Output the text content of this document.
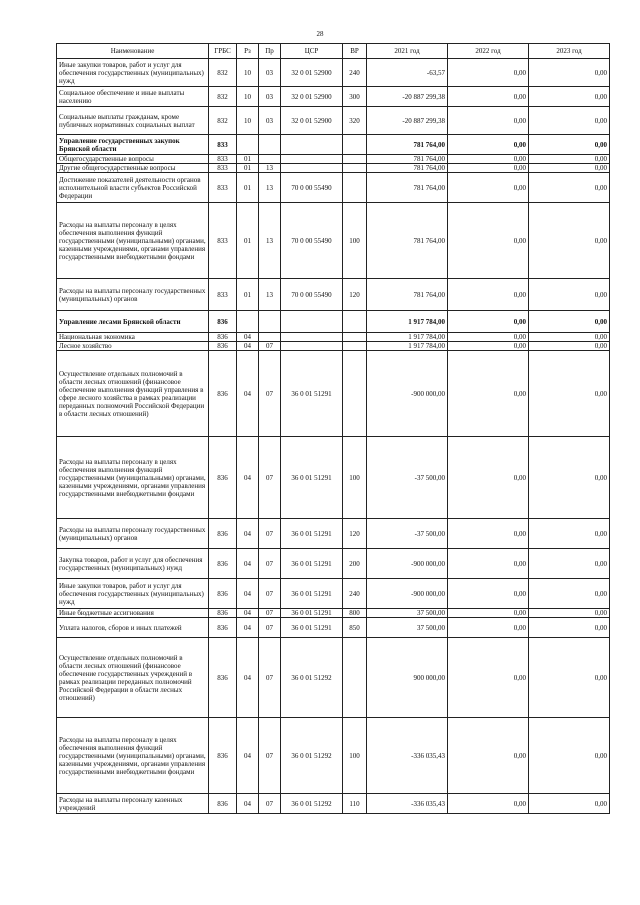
28
Наименование	ГРБС	Рз	Пр	ЦСР	ВР	2021 год	2022 год	2023 год
Иные закупки товаров, работ и услуг для обеспечения государственных (муниципальных) нужд	832	10	03	32 0 01 52900	240	-63,57	0,00	0,00
Социальное обеспечение и иные выплаты населению	832	10	03	32 0 01 52900	300	-20 887 299,38	0,00	0,00
Социальные выплаты гражданам, кроме публичных нормативных социальных выплат	832	10	03	32 0 01 52900	320	-20 887 299,38	0,00	0,00
Управление государственных закупок Брянской области	833					781 764,00	0,00	0,00
Общегосударственные вопросы	833	01				781 764,00	0,00	0,00
Другие общегосударственные вопросы	833	01	13			781 764,00	0,00	0,00
Достижение показателей деятельности органов исполнительной власти субъектов Российской Федерации	833	01	13	70 0 00 55490		781 764,00	0,00	0,00
Расходы на выплаты персоналу в целях обеспечения выполнения функций государственными (муниципальными) органами, казенными учреждениями, органами управления государственными внебюджетными фондами	833	01	13	70 0 00 55490	100	781 764,00	0,00	0,00
Расходы на выплаты персоналу государственных (муниципальных) органов	833	01	13	70 0 00 55490	120	781 764,00	0,00	0,00
Управление лесами Брянской области	836					1 917 784,00	0,00	0,00
Национальная экономика	836	04				1 917 784,00	0,00	0,00
Лесное хозяйство	836	04	07			1 917 784,00	0,00	0,00
Осуществление отдельных полномочий в области лесных отношений (финансовое обеспечение выполнения функций управления в сфере лесного хозяйства в рамках реализации переданных полномочий Российской Федерации в области лесных отношений)	836	04	07	36 0 01 51291		-900 000,00	0,00	0,00
Расходы на выплаты персоналу в целях обеспечения выполнения функций государственными (муниципальными) органами, казенными учреждениями, органами управления государственными внебюджетными фондами	836	04	07	36 0 01 51291	100	-37 500,00	0,00	0,00
Расходы на выплаты персоналу государственных (муниципальных) органов	836	04	07	36 0 01 51291	120	-37 500,00	0,00	0,00
Закупка товаров, работ и услуг для обеспечения государственных (муниципальных) нужд	836	04	07	36 0 01 51291	200	-900 000,00	0,00	0,00
Иные закупки товаров, работ и услуг для обеспечения государственных (муниципальных) нужд	836	04	07	36 0 01 51291	240	-900 000,00	0,00	0,00
Иные бюджетные ассигнования	836	04	07	36 0 01 51291	800	37 500,00	0,00	0,00
Уплата налогов, сборов и иных платежей	836	04	07	36 0 01 51291	850	37 500,00	0,00	0,00
Осуществление отдельных полномочий в области лесных отношений (финансовое обеспечение государственных учреждений в рамках реализации переданных полномочий Российской Федерации в области лесных отношений)	836	04	07	36 0 01 51292		900 000,00	0,00	0,00
Расходы на выплаты персоналу в целях обеспечения выполнения функций государственными (муниципальными) органами, казенными учреждениями, органами управления государственными внебюджетными фондами	836	04	07	36 0 01 51292	100	-336 035,43	0,00	0,00
Расходы на выплаты персоналу казенных учреждений	836	04	07	36 0 01 51292	110	-336 035,43	0,00	0,00
